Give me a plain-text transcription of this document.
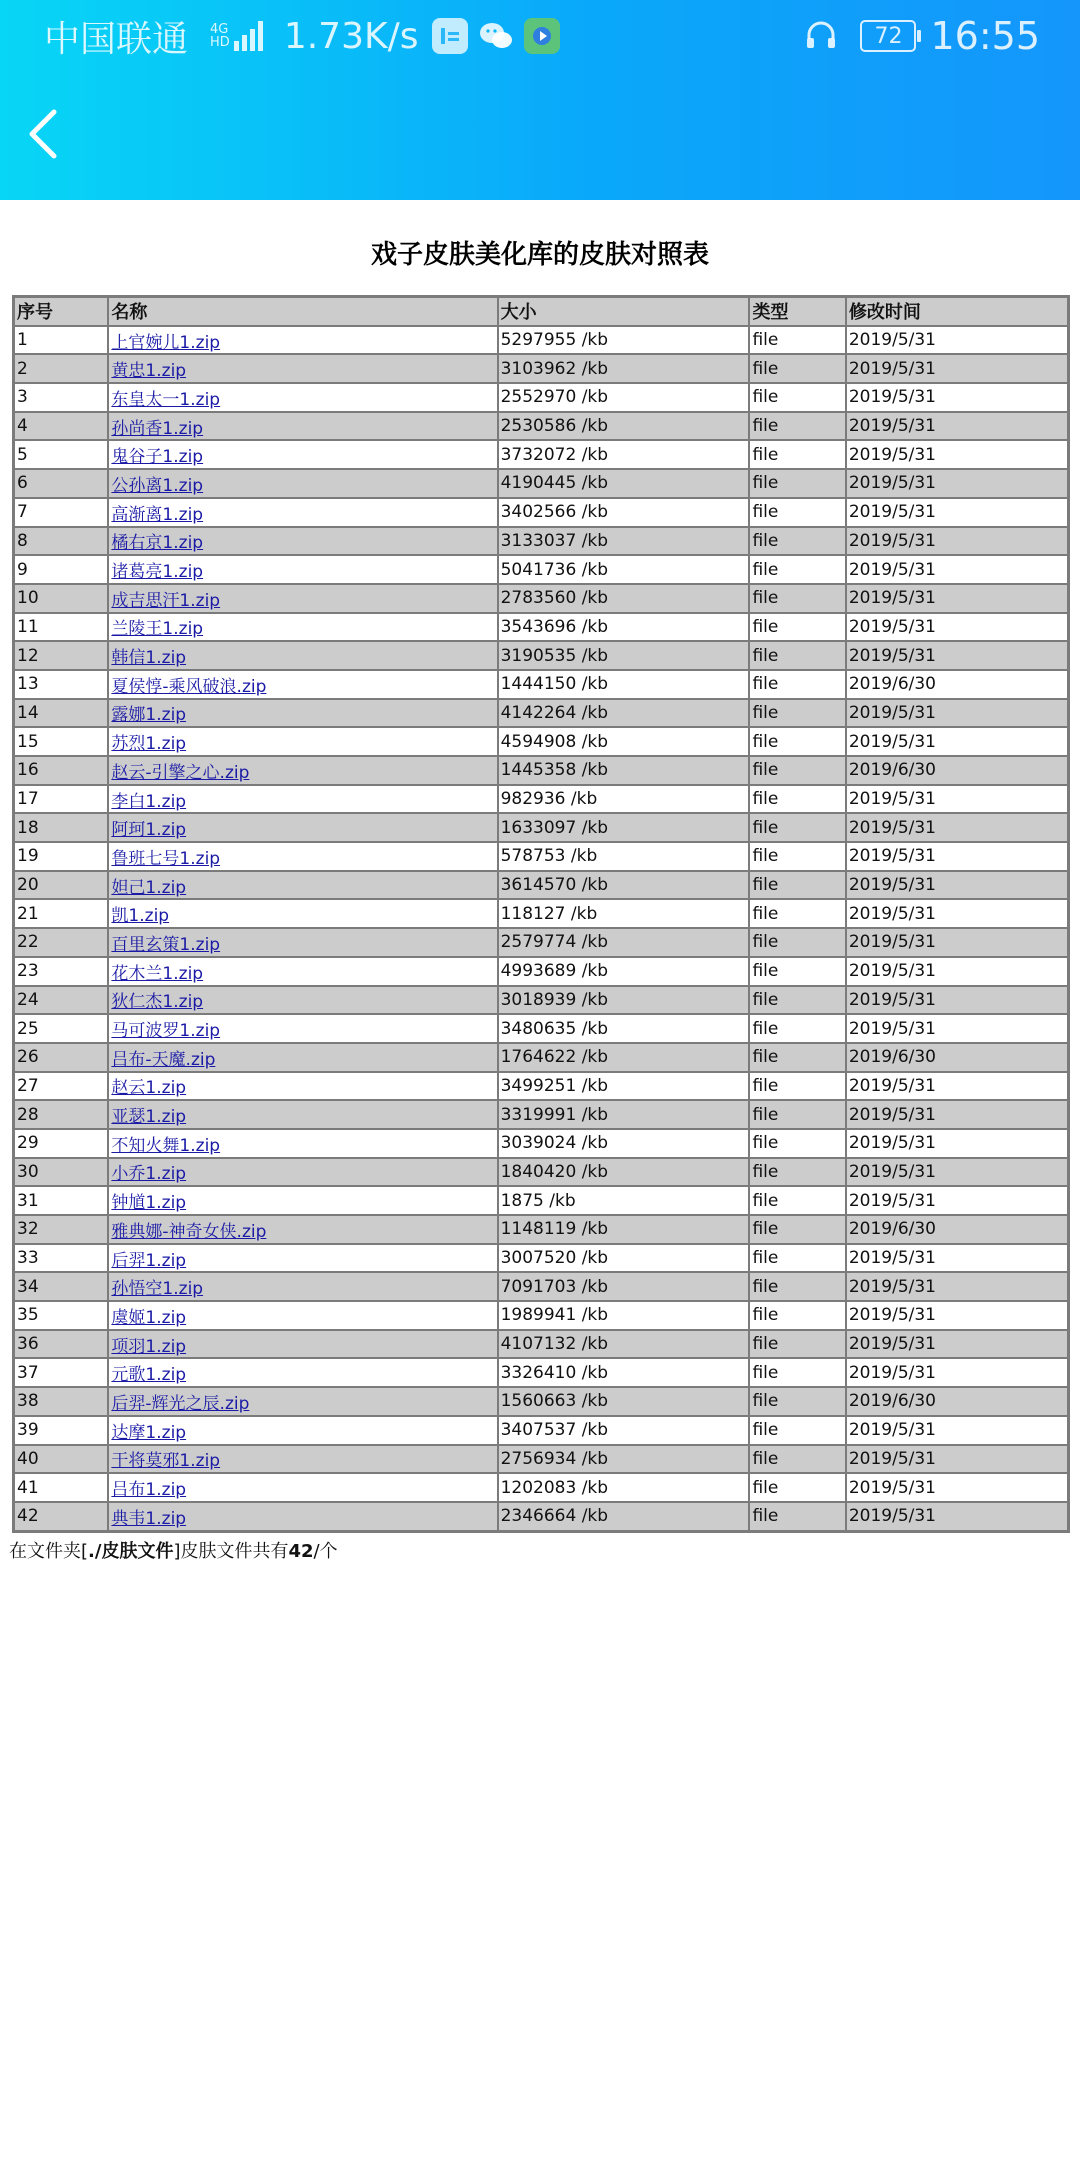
中国联通 4G
HD 1.73K/s	72 16:55
戏子皮肤美化库的皮肤对照表
序号	名称	大小	类型	修改时间
1	上官婉儿1.zip	5297955 /kb	file	2019/5/31
2	黄忠1.zip	3103962 /kb	file	2019/5/31
3	东皇太一1.zip	2552970 /kb	file	2019/5/31
4	孙尚香1.zip	2530586 /kb	file	2019/5/31
5	鬼谷子1.zip	3732072 /kb	file	2019/5/31
6	公孙离1.zip	4190445 /kb	file	2019/5/31
7	高渐离1.zip	3402566 /kb	file	2019/5/31
8	橘右京1.zip	3133037 /kb	file	2019/5/31
9	诸葛亮1.zip	5041736 /kb	file	2019/5/31
10	成吉思汗1.zip	2783560 /kb	file	2019/5/31
11	兰陵王1.zip	3543696 /kb	file	2019/5/31
12	韩信1.zip	3190535 /kb	file	2019/5/31
13	夏侯惇-乘风破浪.zip	1444150 /kb	file	2019/6/30
14	露娜1.zip	4142264 /kb	file	2019/5/31
15	苏烈1.zip	4594908 /kb	file	2019/5/31
16	赵云-引擎之心.zip	1445358 /kb	file	2019/6/30
17	李白1.zip	982936 /kb	file	2019/5/31
18	阿珂1.zip	1633097 /kb	file	2019/5/31
19	鲁班七号1.zip	578753 /kb	file	2019/5/31
20	妲己1.zip	3614570 /kb	file	2019/5/31
21	凯1.zip	118127 /kb	file	2019/5/31
22	百里玄策1.zip	2579774 /kb	file	2019/5/31
23	花木兰1.zip	4993689 /kb	file	2019/5/31
24	狄仁杰1.zip	3018939 /kb	file	2019/5/31
25	马可波罗1.zip	3480635 /kb	file	2019/5/31
26	吕布-天魔.zip	1764622 /kb	file	2019/6/30
27	赵云1.zip	3499251 /kb	file	2019/5/31
28	亚瑟1.zip	3319991 /kb	file	2019/5/31
29	不知火舞1.zip	3039024 /kb	file	2019/5/31
30	小乔1.zip	1840420 /kb	file	2019/5/31
31	钟馗1.zip	1875 /kb	file	2019/5/31
32	雅典娜-神奇女侠.zip	1148119 /kb	file	2019/6/30
33	后羿1.zip	3007520 /kb	file	2019/5/31
34	孙悟空1.zip	7091703 /kb	file	2019/5/31
35	虞姬1.zip	1989941 /kb	file	2019/5/31
36	项羽1.zip	4107132 /kb	file	2019/5/31
37	元歌1.zip	3326410 /kb	file	2019/5/31
38	后羿-辉光之辰.zip	1560663 /kb	file	2019/6/30
39	达摩1.zip	3407537 /kb	file	2019/5/31
40	干将莫邪1.zip	2756934 /kb	file	2019/5/31
41	吕布1.zip	1202083 /kb	file	2019/5/31
42	典韦1.zip	2346664 /kb	file	2019/5/31
在文件夹[./皮肤文件]皮肤文件共有42/个
